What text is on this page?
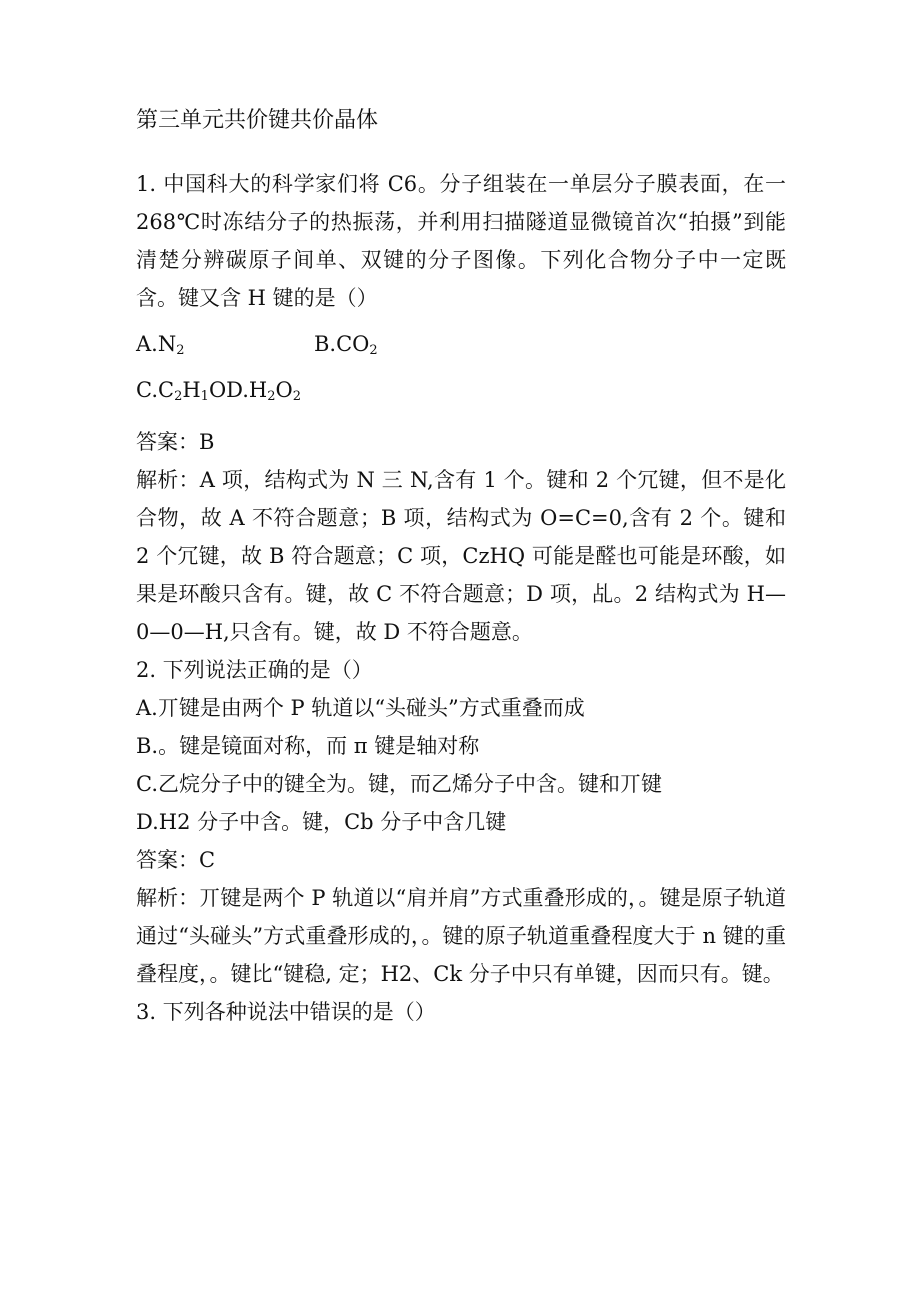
第三单元共价键共价晶体

1. 中国科大的科学家们将 C6。分子组装在一单层分子膜表面，在一268℃时冻结分子的热振荡，并利用扫描隧道显微镜首次“拍摄”到能清楚分辨碳原子间单、双键的分子图像。下列化合物分子中一定既含。键又含 H 键的是（）

$A.N_2$	$B.CO_2$
$C.C_2H_1OD.H_2O_2$
答案：B

解析：A 项，结构式为 N 三 N,含有 1 个。键和 2 个冗键，但不是化合物，故 A 不符合题意；B 项，结构式为 O=C=0,含有 2 个。键和 2 个冗键，故 B 符合题意；C 项，CzHQ 可能是醛也可能是环酸，如果是环酸只含有。键，故 C 不符合题意；D 项，乩。2 结构式为 H—0—0—H,只含有。键，故 D 不符合题意。

2. 下列说法正确的是（）
A.丌键是由两个 P 轨道以“头碰头”方式重叠而成
B.。键是镜面对称，而 π 键是轴对称
C.乙烷分子中的键全为。键，而乙烯分子中含。键和丌键
D.H2 分子中含。键，Cb 分子中含几键
答案：C

解析：丌键是两个 P 轨道以“肩并肩”方式重叠形成的，。键是原子轨道通过“头碰头”方式重叠形成的，。键的原子轨道重叠程度大于 n 键的重叠程度，。键比“键稳, 定；H2、Ck 分子中只有单键，因而只有。键。

3. 下列各种说法中错误的是（）
